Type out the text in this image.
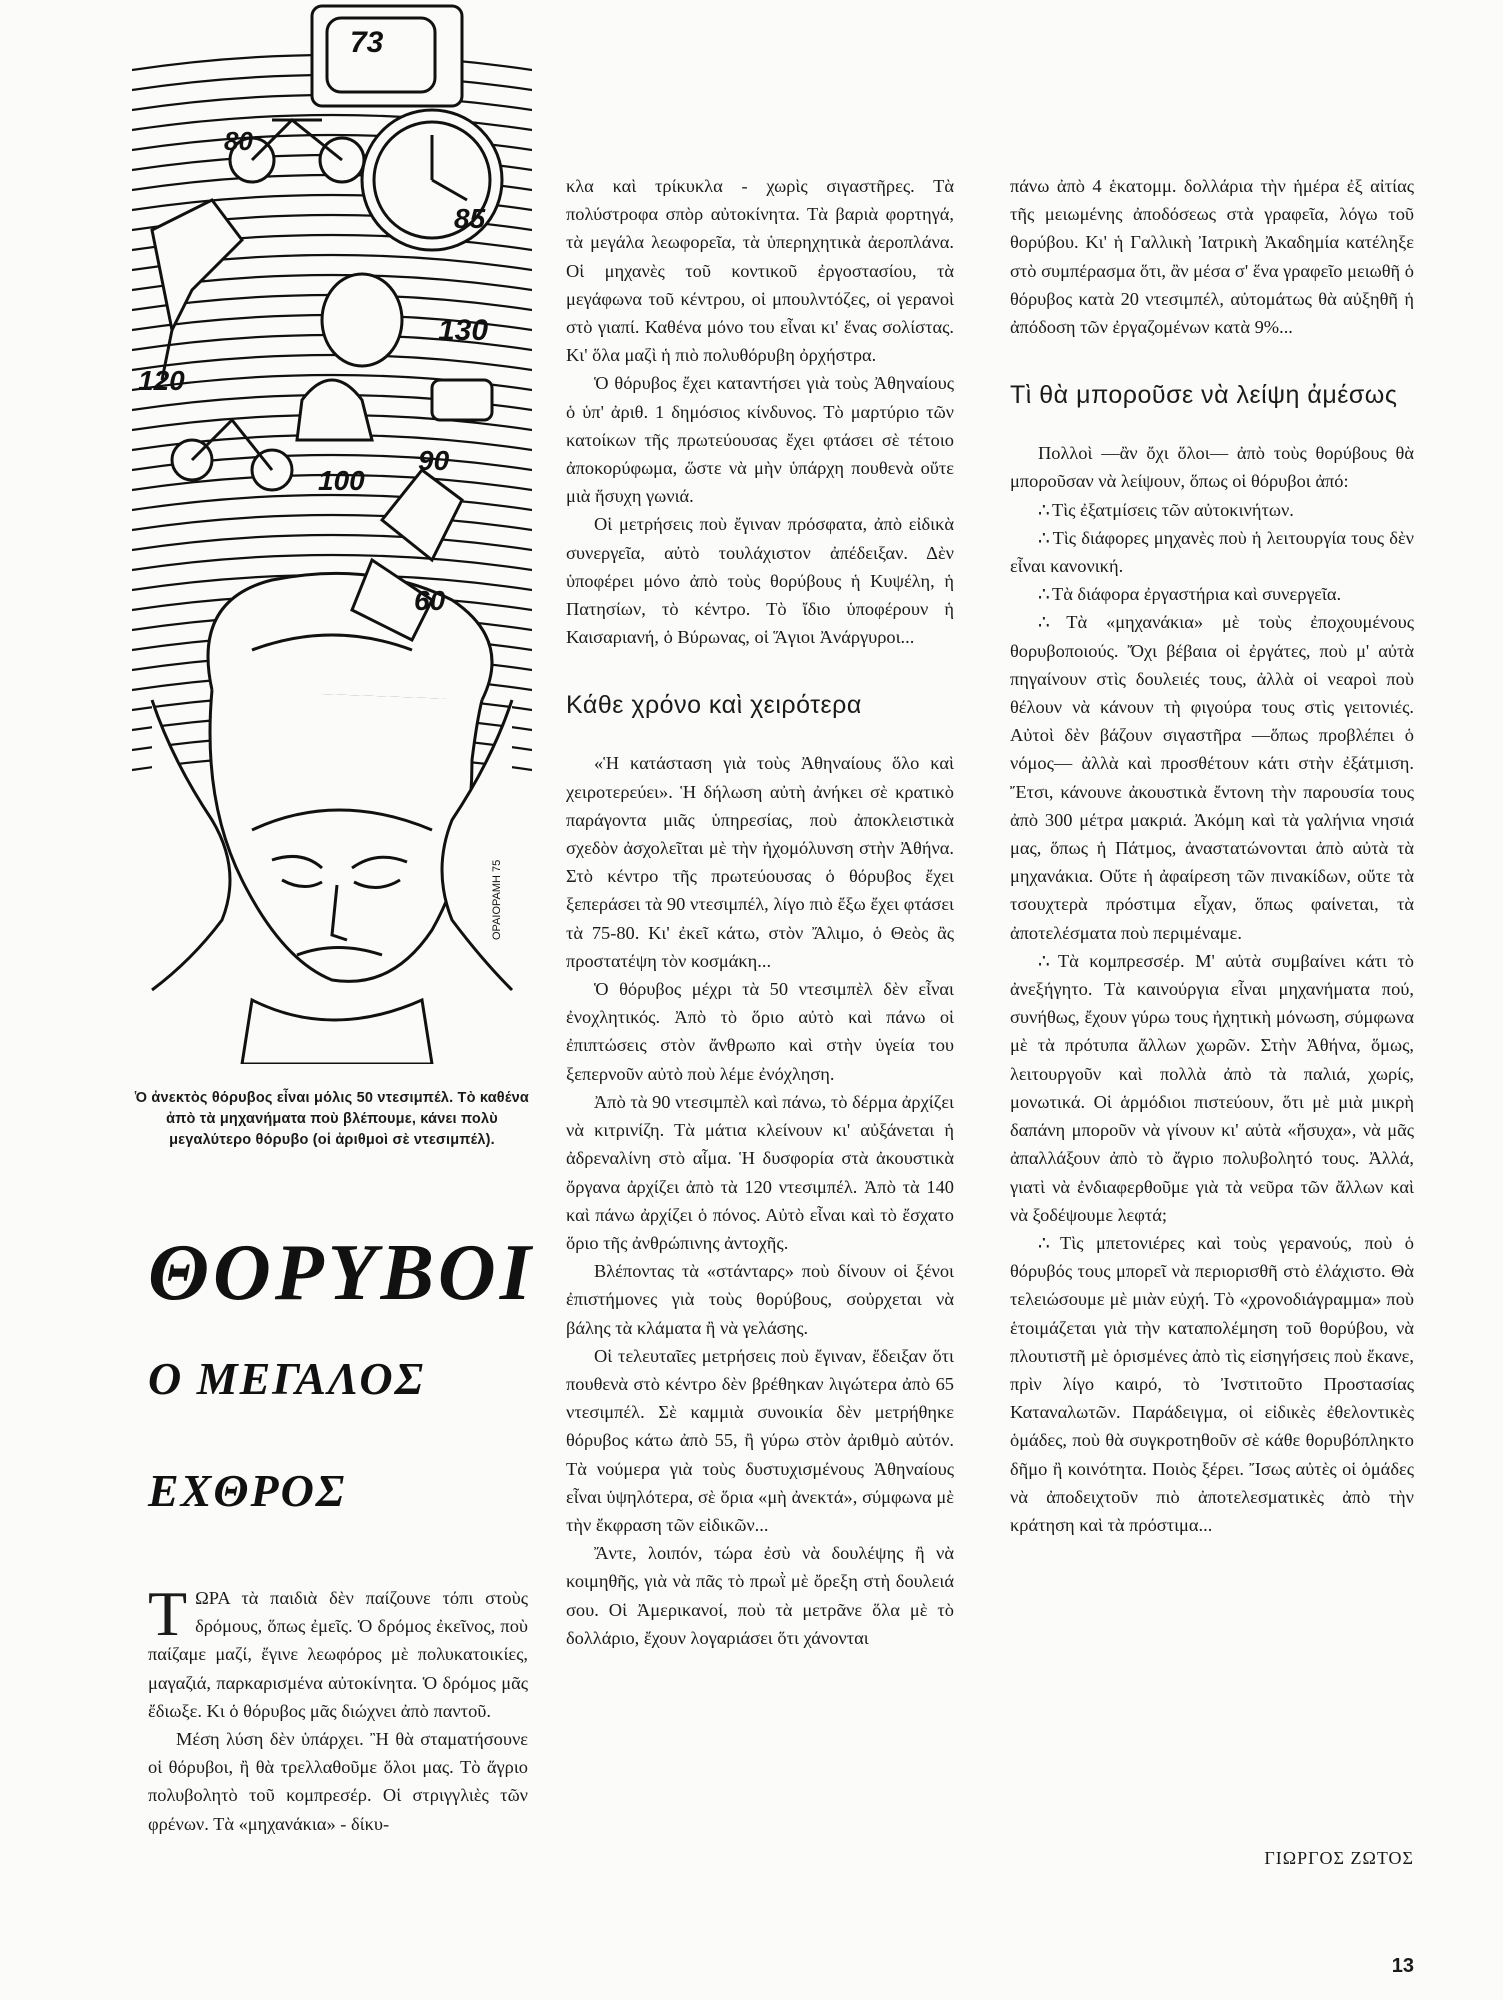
73
80
85
130
120
90
100
60
ΟΡΑΙΟΡΑΜΗ 75
Ὁ ἀνεκτὸς θόρυβος εἶναι μόλις 50 ντεσιμπέλ. Τὸ καθένα ἀπὸ τὰ μηχανήματα ποὺ βλέπουμε, κάνει πολὺ μεγαλύτερο θόρυβο (οἱ ἀριθμοὶ σὲ ντεσιμπέλ).
ΘΟΡΥΒΟΙ
Ο ΜΕΓΑΛΟΣ
ΕΧΘΡΟΣ

ΤΩΡΑ τὰ παιδιὰ δὲν παίζουνε τόπι στοὺς δρόμους, ὅπως ἐμεῖς. Ὁ δρόμος ἐκεῖνος, ποὺ παίζαμε μαζί, ἔγινε λεωφόρος μὲ πολυκατοικίες, μαγαζιά, παρκαρισμένα αὐτοκίνητα. Ὁ δρόμος μᾶς ἔδιωξε. Κι ὁ θόρυβος μᾶς διώχνει ἀπὸ παντοῦ.

Μέση λύση δὲν ὑπάρχει. Ἢ θὰ σταματήσουνε οἱ θόρυβοι, ἢ θὰ τρελλαθοῦμε ὅλοι μας. Τὸ ἄγριο πολυβολητὸ τοῦ κομπρεσέρ. Οἱ στριγγλιὲς τῶν φρένων. Τὰ «μηχανάκια» - δίκυ-

κλα καὶ τρίκυκλα - χωρὶς σιγαστῆρες. Τὰ πολύστροφα σπὸρ αὐτοκίνητα. Τὰ βαριὰ φορτηγά, τὰ μεγάλα λεωφορεῖα, τὰ ὑπερηχητικὰ ἀεροπλάνα. Οἱ μηχανὲς τοῦ κοντικοῦ ἐργοστασίου, τὰ μεγάφωνα τοῦ κέντρου, οἱ μπουλντόζες, οἱ γερανοὶ στὸ γιαπί. Καθένα μόνο του εἶναι κι' ἕνας σολίστας. Κι' ὅλα μαζὶ ἡ πιὸ πολυθόρυβη ὀρχήστρα.

Ὁ θόρυβος ἔχει καταντήσει γιὰ τοὺς Ἀθηναίους ὁ ὑπ' ἀριθ. 1 δημόσιος κίνδυνος. Τὸ μαρτύριο τῶν κατοίκων τῆς πρωτεύουσας ἔχει φτάσει σὲ τέτοιο ἀποκορύφωμα, ὥστε νὰ μὴν ὑπάρχη πουθενὰ οὔτε μιὰ ἥσυχη γωνιά.

Οἱ μετρήσεις ποὺ ἔγιναν πρόσφατα, ἀπὸ εἰδικὰ συνεργεῖα, αὐτὸ τουλάχιστον ἀπέδειξαν. Δὲν ὑποφέρει μόνο ἀπὸ τοὺς θορύβους ἡ Κυψέλη, ἡ Πατησίων, τὸ κέντρο. Τὸ ἴδιο ὑποφέρουν ἡ Καισαριανή, ὁ Βύρωνας, οἱ Ἅγιοι Ἀνάργυροι...

Κάθε χρόνο καὶ χειρότερα

«Ἡ κατάσταση γιὰ τοὺς Ἀθηναίους ὅλο καὶ χειροτερεύει». Ἡ δήλωση αὐτὴ ἀνήκει σὲ κρατικὸ παράγοντα μιᾶς ὑπηρεσίας, ποὺ ἀποκλειστικὰ σχεδὸν ἀσχολεῖται μὲ τὴν ἠχομόλυνση στὴν Ἀθήνα. Στὸ κέντρο τῆς πρωτεύουσας ὁ θόρυβος ἔχει ξεπεράσει τὰ 90 ντεσιμπέλ, λίγο πιὸ ἔξω ἔχει φτάσει τὰ 75-80. Κι' ἐκεῖ κάτω, στὸν Ἄλιμο, ὁ Θεὸς ἂς προστατέψη τὸν κοσμάκη...

Ὁ θόρυβος μέχρι τὰ 50 ντεσιμπὲλ δὲν εἶναι ἐνοχλητικός. Ἀπὸ τὸ ὅριο αὐτὸ καὶ πάνω οἱ ἐπιπτώσεις στὸν ἄνθρωπο καὶ στὴν ὑγεία του ξεπερνοῦν αὐτὸ ποὺ λέμε ἐνόχληση.

Ἀπὸ τὰ 90 ντεσιμπὲλ καὶ πάνω, τὸ δέρμα ἀρχίζει νὰ κιτρινίζη. Τὰ μάτια κλείνουν κι' αὐξάνεται ἡ ἀδρεναλίνη στὸ αἷμα. Ἡ δυσφορία στὰ ἀκουστικὰ ὄργανα ἀρχίζει ἀπὸ τὰ 120 ντεσιμπέλ. Ἀπὸ τὰ 140 καὶ πάνω ἀρχίζει ὁ πόνος. Αὐτὸ εἶναι καὶ τὸ ἔσχατο ὅριο τῆς ἀνθρώπινης ἀντοχῆς.

Βλέποντας τὰ «στάνταρς» ποὺ δίνουν οἱ ξένοι ἐπιστήμονες γιὰ τοὺς θορύβους, σοὐρχεται νὰ βάλης τὰ κλάματα ἢ νὰ γελάσης.

Οἱ τελευταῖες μετρήσεις ποὺ ἔγιναν, ἔδειξαν ὅτι πουθενὰ στὸ κέντρο δὲν βρέθηκαν λιγώτερα ἀπὸ 65 ντεσιμπέλ. Σὲ καμμιὰ συνοικία δὲν μετρήθηκε θόρυβος κάτω ἀπὸ 55, ἢ γύρω στὸν ἀριθμὸ αὐτόν. Τὰ νούμερα γιὰ τοὺς δυστυχισμένους Ἀθηναίους εἶναι ὑψηλότερα, σὲ ὅρια «μὴ ἀνεκτά», σύμφωνα μὲ τὴν ἔκφραση τῶν εἰδικῶν...

Ἄντε, λοιπόν, τώρα ἐσὺ νὰ δουλέψης ἢ νὰ κοιμηθῆς, γιὰ νὰ πᾶς τὸ πρωῒ μὲ ὄρεξη στὴ δουλειά σου. Οἱ Ἀμερικανοί, ποὺ τὰ μετρᾶνε ὅλα μὲ τὸ δολλάριο, ἔχουν λογαριάσει ὅτι χάνονται

πάνω ἀπὸ 4 ἑκατομμ. δολλάρια τὴν ἡμέρα ἐξ αἰτίας τῆς μειωμένης ἀποδόσεως στὰ γραφεῖα, λόγω τοῦ θορύβου. Κι' ἡ Γαλλικὴ Ἰατρικὴ Ἀκαδημία κατέληξε στὸ συμπέρασμα ὅτι, ἂν μέσα σ' ἕνα γραφεῖο μειωθῆ ὁ θόρυβος κατὰ 20 ντεσιμπέλ, αὐτομάτως θὰ αὐξηθῆ ἡ ἀπόδοση τῶν ἐργαζομένων κατὰ 9%...

Τὶ θὰ μποροῦσε νὰ λείψη ἀμέσως

Πολλοὶ —ἂν ὄχι ὅλοι— ἀπὸ τοὺς θορύβους θὰ μποροῦσαν νὰ λείψουν, ὅπως οἱ θόρυβοι ἀπό:

∴ Τὶς ἐξατμίσεις τῶν αὐτοκινήτων.

∴ Τὶς διάφορες μηχανὲς ποὺ ἡ λειτουργία τους δὲν εἶναι κανονική.

∴ Τὰ διάφορα ἐργαστήρια καὶ συνεργεῖα.

∴ Τὰ «μηχανάκια» μὲ τοὺς ἐποχουμένους θορυβοποιούς. Ὄχι βέβαια οἱ ἐργάτες, ποὺ μ' αὐτὰ πηγαίνουν στὶς δουλειές τους, ἀλλὰ οἱ νεαροὶ ποὺ θέλουν νὰ κάνουν τὴ φιγούρα τους στὶς γειτονιές. Αὐτοὶ δὲν βάζουν σιγαστῆρα —ὅπως προβλέπει ὁ νόμος— ἀλλὰ καὶ προσθέτουν κάτι στὴν ἐξάτμιση. Ἔτσι, κάνουνε ἀκουστικὰ ἔντονη τὴν παρουσία τους ἀπὸ 300 μέτρα μακριά. Ἀκόμη καὶ τὰ γαλήνια νησιά μας, ὅπως ἡ Πάτμος, ἀναστατώνονται ἀπὸ αὐτὰ τὰ μηχανάκια. Οὔτε ἡ ἀφαίρεση τῶν πινακίδων, οὔτε τὰ τσουχτερὰ πρόστιμα εἶχαν, ὅπως φαίνεται, τὰ ἀποτελέσματα ποὺ περιμέναμε.

∴ Τὰ κομπρεσσέρ. Μ' αὐτὰ συμβαίνει κάτι τὸ ἀνεξήγητο. Τὰ καινούργια εἶναι μηχανήματα πού, συνήθως, ἔχουν γύρω τους ἠχητικὴ μόνωση, σύμφωνα μὲ τὰ πρότυπα ἄλλων χωρῶν. Στὴν Ἀθήνα, ὅμως, λειτουργοῦν καὶ πολλὰ ἀπὸ τὰ παλιά, χωρίς, μονωτικά. Οἱ ἁρμόδιοι πιστεύουν, ὅτι μὲ μιὰ μικρὴ δαπάνη μποροῦν νὰ γίνουν κι' αὐτὰ «ἥσυχα», νὰ μᾶς ἀπαλλάξουν ἀπὸ τὸ ἄγριο πολυβολητό τους. Ἀλλά, γιατὶ νὰ ἐνδιαφερθοῦμε γιὰ τὰ νεῦρα τῶν ἄλλων καὶ νὰ ξοδέψουμε λεφτά;

∴ Τὶς μπετονιέρες καὶ τοὺς γερανούς, ποὺ ὁ θόρυβός τους μπορεῖ νὰ περιορισθῆ στὸ ἐλάχιστο. Θὰ τελειώσουμε μὲ μιὰν εὐχή. Τὸ «χρονοδιάγραμμα» ποὺ ἑτοιμάζεται γιὰ τὴν καταπολέμηση τοῦ θορύβου, νὰ πλουτιστῆ μὲ ὁρισμένες ἀπὸ τὶς εἰσηγήσεις ποὺ ἔκανε, πρὶν λίγο καιρό, τὸ Ἰνστιτοῦτο Προστασίας Καταναλωτῶν. Παράδειγμα, οἱ εἰδικὲς ἐθελοντικὲς ὁμάδες, ποὺ θὰ συγκροτηθοῦν σὲ κάθε θορυβόπληκτο δῆμο ἢ κοινότητα. Ποιὸς ξέρει. Ἴσως αὐτὲς οἱ ὁμάδες νὰ ἀποδειχτοῦν πιὸ ἀποτελεσματικὲς ἀπὸ τὴν κράτηση καὶ τὰ πρόστιμα...

ΓΙΩΡΓΟΣ ΖΩΤΟΣ
13
